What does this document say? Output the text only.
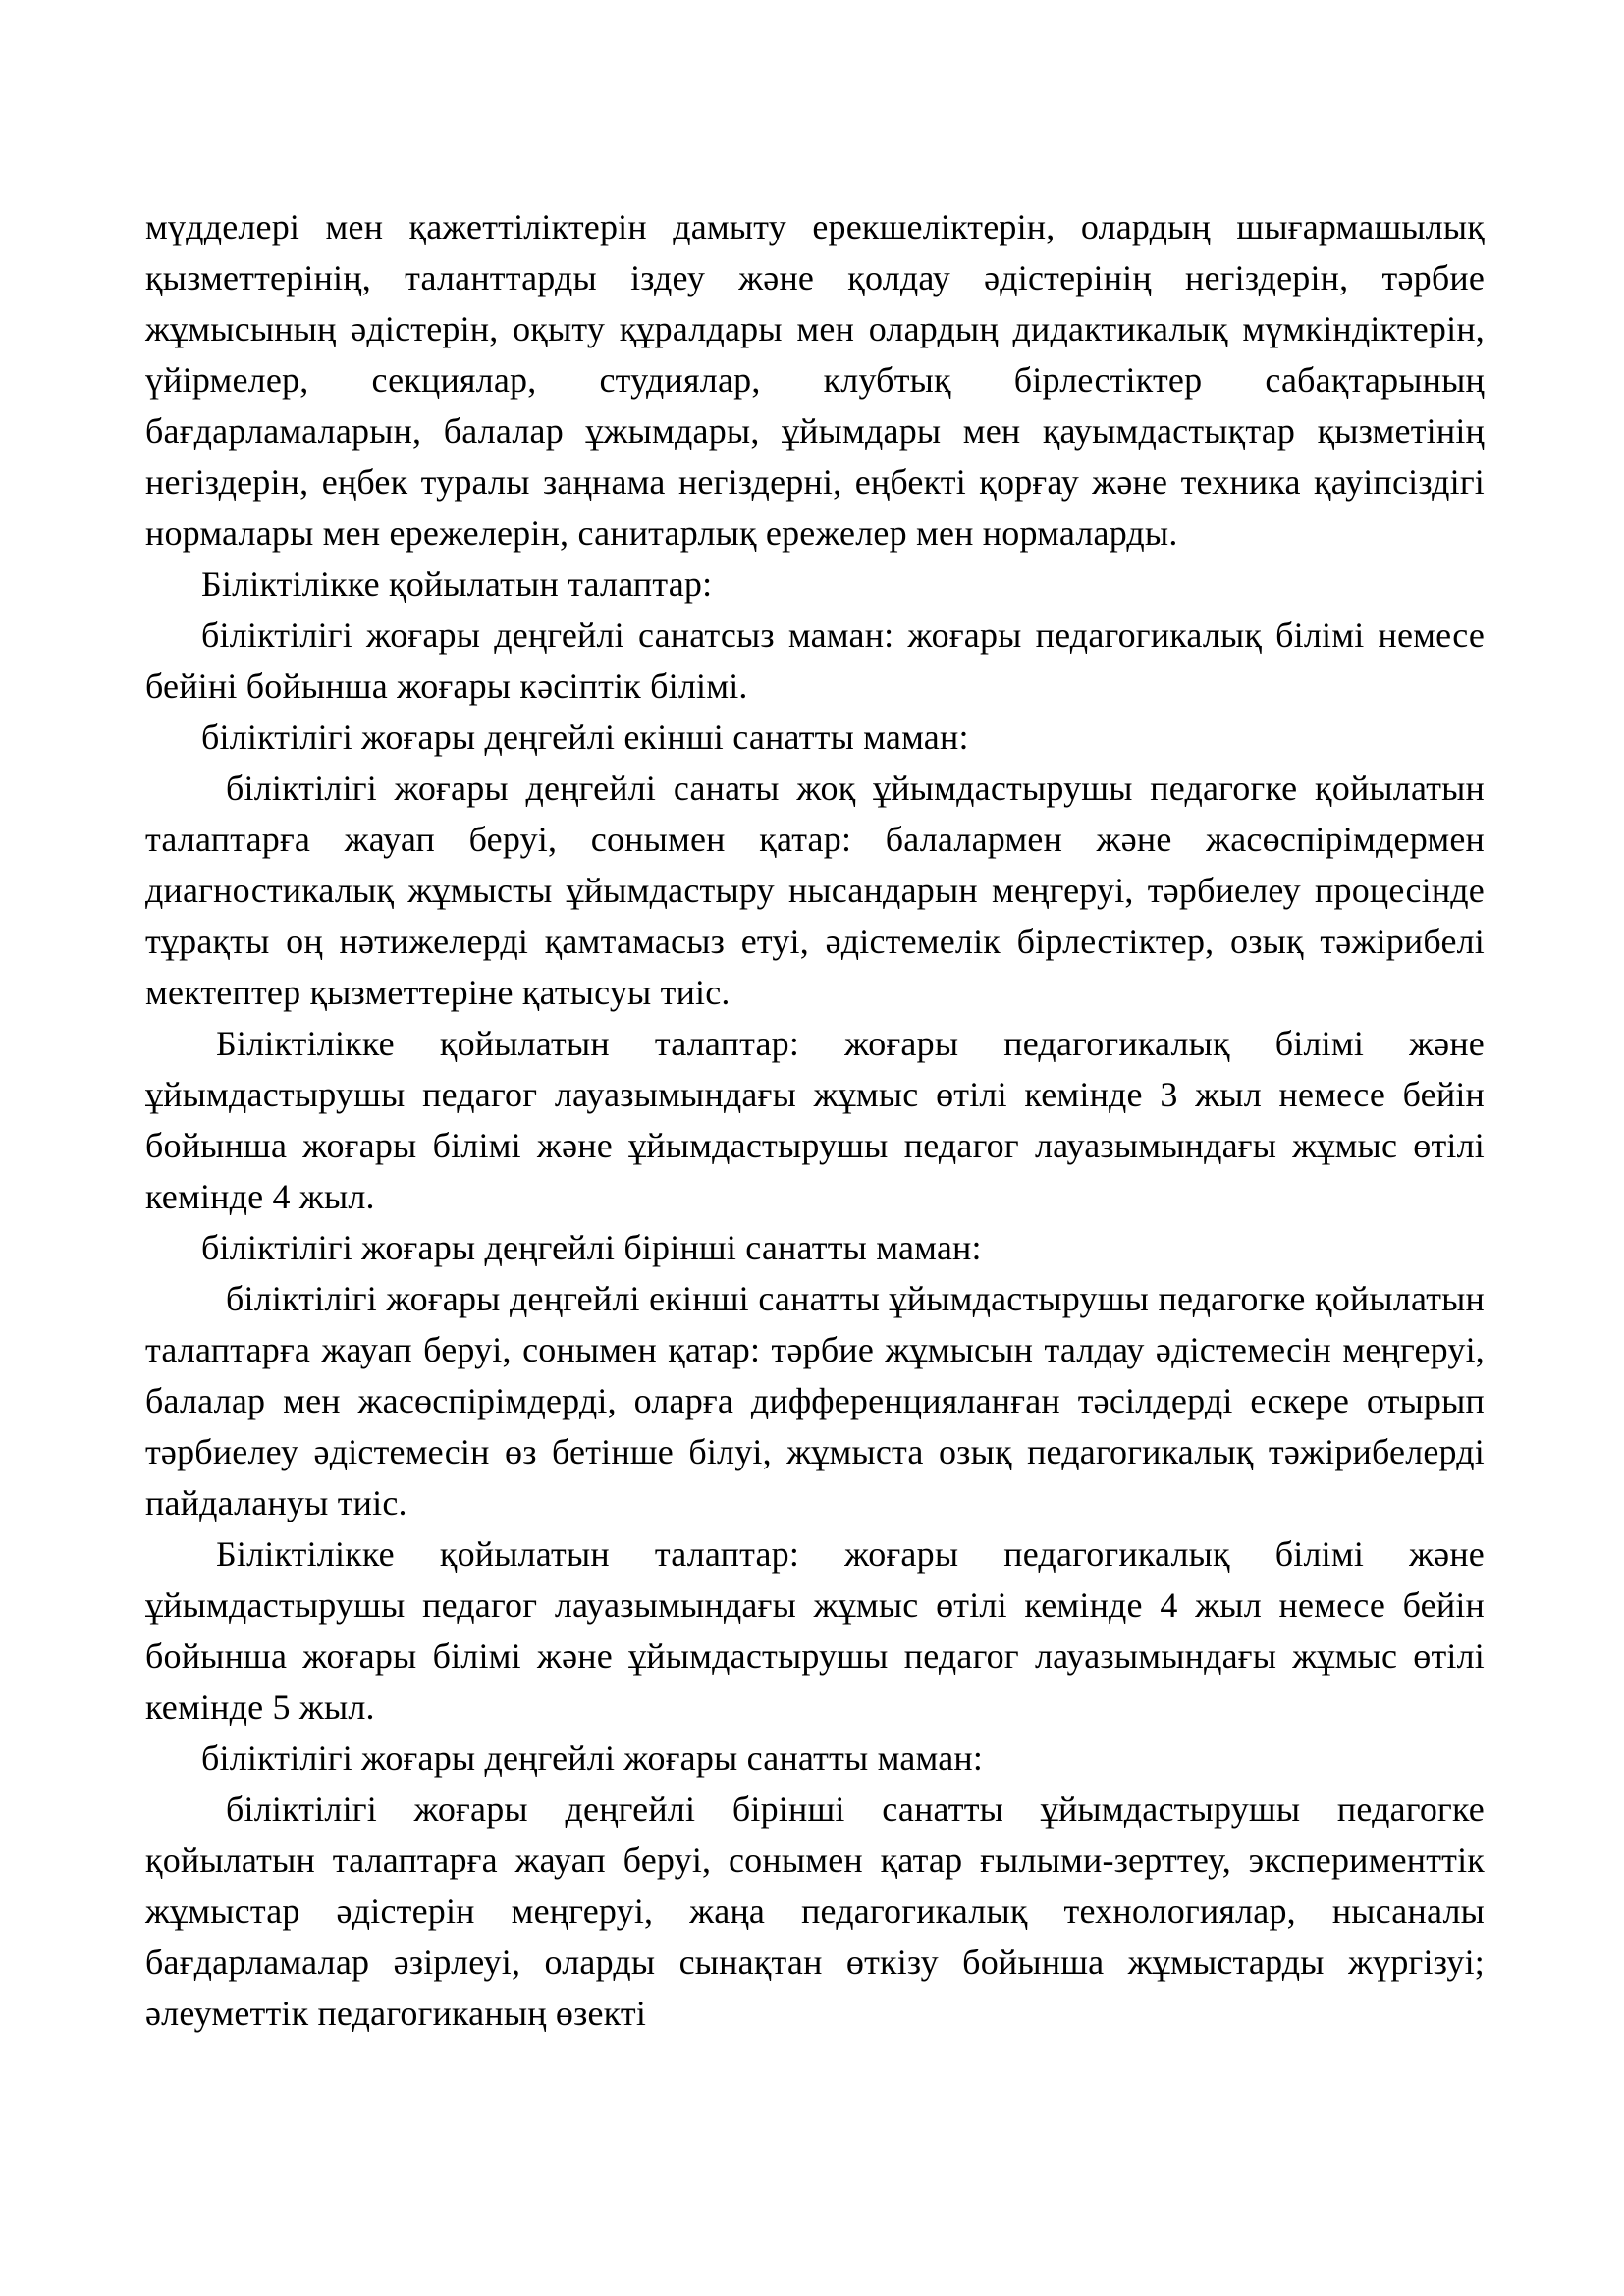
мүдделері мен қажеттіліктерін дамыту ерекшеліктерін, олардың шығармашылық қызметтерінің, таланттарды іздеу және қолдау әдістерінің негіздерін, тәрбие жұмысының әдістерін, оқыту құралдары мен олардың дидактикалық мүмкіндіктерін, үйірмелер, секциялар, студиялар, клубтық бірлестіктер сабақтарының бағдарламаларын, балалар ұжымдары, ұйымдары мен қауымдастықтар қызметінің негіздерін, еңбек туралы заңнама негіздерні, еңбекті қорғау және техника қауіпсіздігі нормалары мен ережелерін, санитарлық ережелер мен нормаларды.

Біліктілікке қойылатын талаптар:

біліктілігі жоғары деңгейлі санатсыз маман: жоғары педагогикалық білімі немесе бейіні бойынша жоғары кәсіптік білімі.

біліктілігі жоғары деңгейлі екінші санатты маман:

біліктілігі жоғары деңгейлі санаты жоқ ұйымдастырушы педагогке қойылатын талаптарға жауап беруі, сонымен қатар: балалармен және жасөспірімдермен диагностикалық жұмысты ұйымдастыру нысандарын меңгеруі, тәрбиелеу процесінде тұрақты оң нәтижелерді қамтамасыз етуі, әдістемелік бірлестіктер, озық тәжірибелі мектептер қызметтеріне қатысуы тиіс.

Біліктілікке қойылатын талаптар: жоғары педагогикалық білімі және ұйымдастырушы педагог лауазымындағы жұмыс өтілі кемінде 3 жыл немесе бейін бойынша жоғары білімі және ұйымдастырушы педагог лауазымындағы жұмыс өтілі кемінде 4 жыл.

біліктілігі жоғары деңгейлі бірінші санатты маман:

біліктілігі жоғары деңгейлі екінші санатты ұйымдастырушы педагогке қойылатын талаптарға жауап беруі, сонымен қатар: тәрбие жұмысын талдау әдістемесін меңгеруі, балалар мен жасөспірімдерді, оларға дифференцияланған тәсілдерді ескере отырып тәрбиелеу әдістемесін өз бетінше білуі, жұмыста озық педагогикалық тәжірибелерді пайдалануы тиіс.

Біліктілікке қойылатын талаптар: жоғары педагогикалық білімі және ұйымдастырушы педагог лауазымындағы жұмыс өтілі кемінде 4 жыл немесе бейін бойынша жоғары білімі және ұйымдастырушы педагог лауазымындағы жұмыс өтілі кемінде 5 жыл.

біліктілігі жоғары деңгейлі жоғары санатты маман:

біліктілігі жоғары деңгейлі бірінші санатты ұйымдастырушы педагогке қойылатын талаптарға жауап беруі, сонымен қатар ғылыми-зерттеу, эксперименттік жұмыстар әдістерін меңгеруі, жаңа педагогикалық технологиялар, нысаналы бағдарламалар әзірлеуі, оларды сынақтан өткізу бойынша жұмыстарды жүргізуі; әлеуметтік педагогиканың өзекті
